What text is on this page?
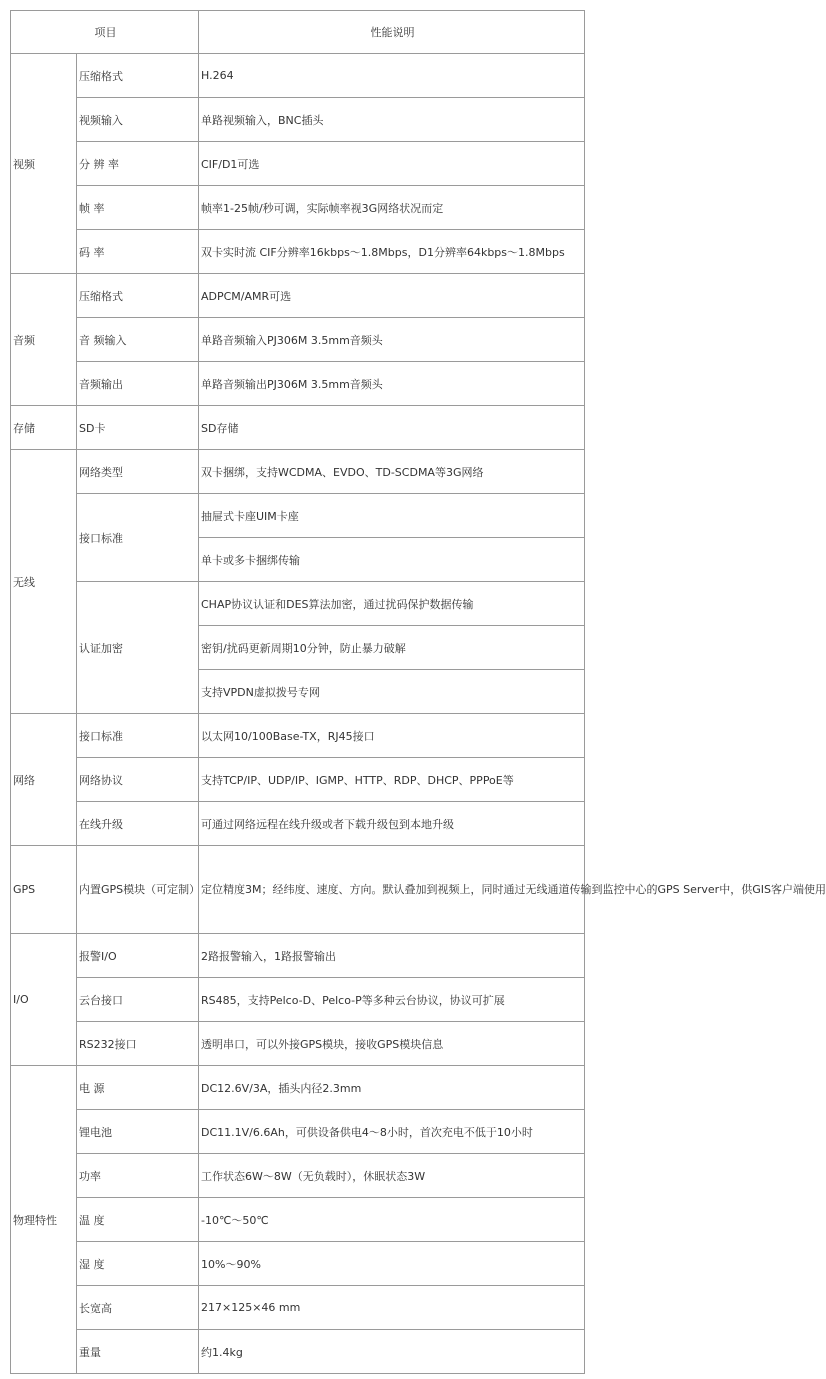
项目		性能说明
视频	压缩格式	H.264
	视频输入	单路视频输入，BNC插头
	分 辨 率	CIF/D1可选
	帧 率	帧率1-25帧/秒可调，实际帧率视3G网络状况而定
	码 率	双卡实时流 CIF分辨率16kbps～1.8Mbps，D1分辨率64kbps～1.8Mbps
音频	压缩格式	ADPCM/AMR可选
	音 频输入	单路音频输入PJ306M 3.5mm音频头
	音频输出	单路音频输出PJ306M 3.5mm音频头
存储	SD卡	SD存储
无线	网络类型	双卡捆绑，支持WCDMA、EVDO、TD-SCDMA等3G网络
	接口标准	抽屉式卡座UIM卡座
		单卡或多卡捆绑传输
	认证加密	CHAP协议认证和DES算法加密，通过扰码保护数据传输
		密钥/扰码更新周期10分钟，防止暴力破解
		支持VPDN虚拟拨号专网
网络	接口标准	以太网10/100Base-TX，RJ45接口
	网络协议	支持TCP/IP、UDP/IP、IGMP、HTTP、RDP、DHCP、PPPoE等
	在线升级	可通过网络远程在线升级或者下载升级包到本地升级
GPS	内置GPS模块（可定制）	定位精度3M；经纬度、速度、方向。默认叠加到视频上，同时通过无线通道传输到监控中心的GPS Server中，供GIS客户端使用
I/O	报警I/O	2路报警输入，1路报警输出
	云台接口	RS485，支持Pelco-D、Pelco-P等多种云台协议，协议可扩展
	RS232接口	透明串口，可以外接GPS模块，接收GPS模块信息
物理特性	电 源	DC12.6V/3A，插头内径2.3mm
	锂电池	DC11.1V/6.6Ah，可供设备供电4～8小时，首次充电不低于10小时
	功率	工作状态6W～8W（无负载时），休眠状态3W
	温 度	-10℃～50℃
	湿 度	10%～90%
	长宽高	217×125×46 mm
	重量	约1.4kg
